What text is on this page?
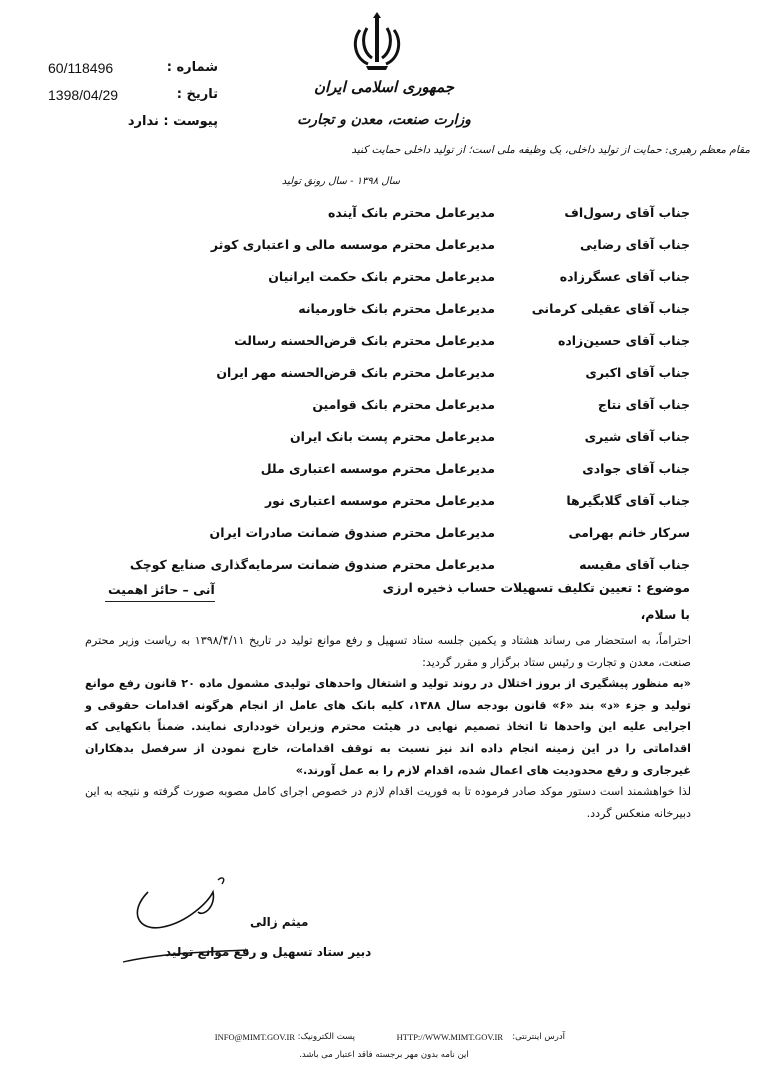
جمهوری اسلامی ایران
وزارت صنعت، معدن و تجارت
مقام معظم رهبری: حمایت از تولید داخلی، یک وظیفه ملی است؛ از تولید داخلی حمایت کنید
سال ۱۳۹۸ - سال رونق تولید
60/118496	شماره :
1398/04/29	تاریخ :
پیوست : ندارد
جناب آقای رسول‌اف
مدیرعامل محترم بانک آینده
جناب آقای رضایی
مدیرعامل محترم موسسه مالی و اعتباری کوثر
جناب آقای عسگرزاده
مدیرعامل محترم بانک حکمت ایرانیان
جناب آقای عقیلی کرمانی
مدیرعامل محترم بانک خاورمیانه
جناب آقای حسین‌زاده
مدیرعامل محترم بانک قرض‌الحسنه رسالت
جناب آقای اکبری
مدیرعامل محترم بانک قرض‌الحسنه مهر ایران
جناب آقای نتاج
مدیرعامل محترم بانک قوامین
جناب آقای شیری
مدیرعامل محترم پست بانک ایران
جناب آقای جوادی
مدیرعامل محترم موسسه اعتباری ملل
جناب آقای گلابگیرها
مدیرعامل محترم موسسه اعتباری نور
سرکار خانم بهرامی
مدیرعامل محترم صندوق ضمانت صادرات ایران
جناب آقای مقیسه
مدیرعامل محترم صندوق ضمانت سرمایه‌گذاری صنایع کوچک
موضوع : تعیین تکلیف تسهیلات حساب ذخیره ارزی
آنی – حائز اهمیت
با سلام،

احتراماً، به استحضار می رساند هشتاد و یکمین جلسه ستاد تسهیل و رفع موانع تولید در تاریخ ۱۳۹۸/۴/۱۱ به ریاست وزیر محترم صنعت، معدن و تجارت و رئیس ستاد برگزار و مقرر گردید:

«به منظور پیشگیری از بروز اختلال در روند تولید و اشتغال واحدهای تولیدی مشمول ماده ۲۰ قانون رفع موانع تولید و جزء «د» بند «۶» قانون بودجه سال ۱۳۸۸، کلیه بانک های عامل از انجام هرگونه اقدامات حقوقی و اجرایی علیه این واحدها تا اتخاذ تصمیم نهایی در هیئت محترم وزیران خودداری نمایند. ضمناً بانکهایی که اقداماتی را در این زمینه انجام داده اند نیز نسبت به توقف اقدامات، خارج نمودن از سرفصل بدهکاران غیرجاری و رفع محدودیت های اعمال شده، اقدام لازم را به عمل آورند.»

لذا خواهشمند است دستور موکد صادر فرموده تا به فوریت اقدام لازم در خصوص اجرای کامل مصوبه صورت گرفته و نتیجه به این دبیرخانه منعکس گردد.

میثم زالی
دبیر ستاد تسهیل و رفع موانع تولید
آدرس اینترنتی:
HTTP://WWW.MIMT.GOV.IR
پست الکترونیک:
INFO@MIMT.GOV.IR
این نامه بدون مهر برجسته فاقد اعتبار می باشد.
